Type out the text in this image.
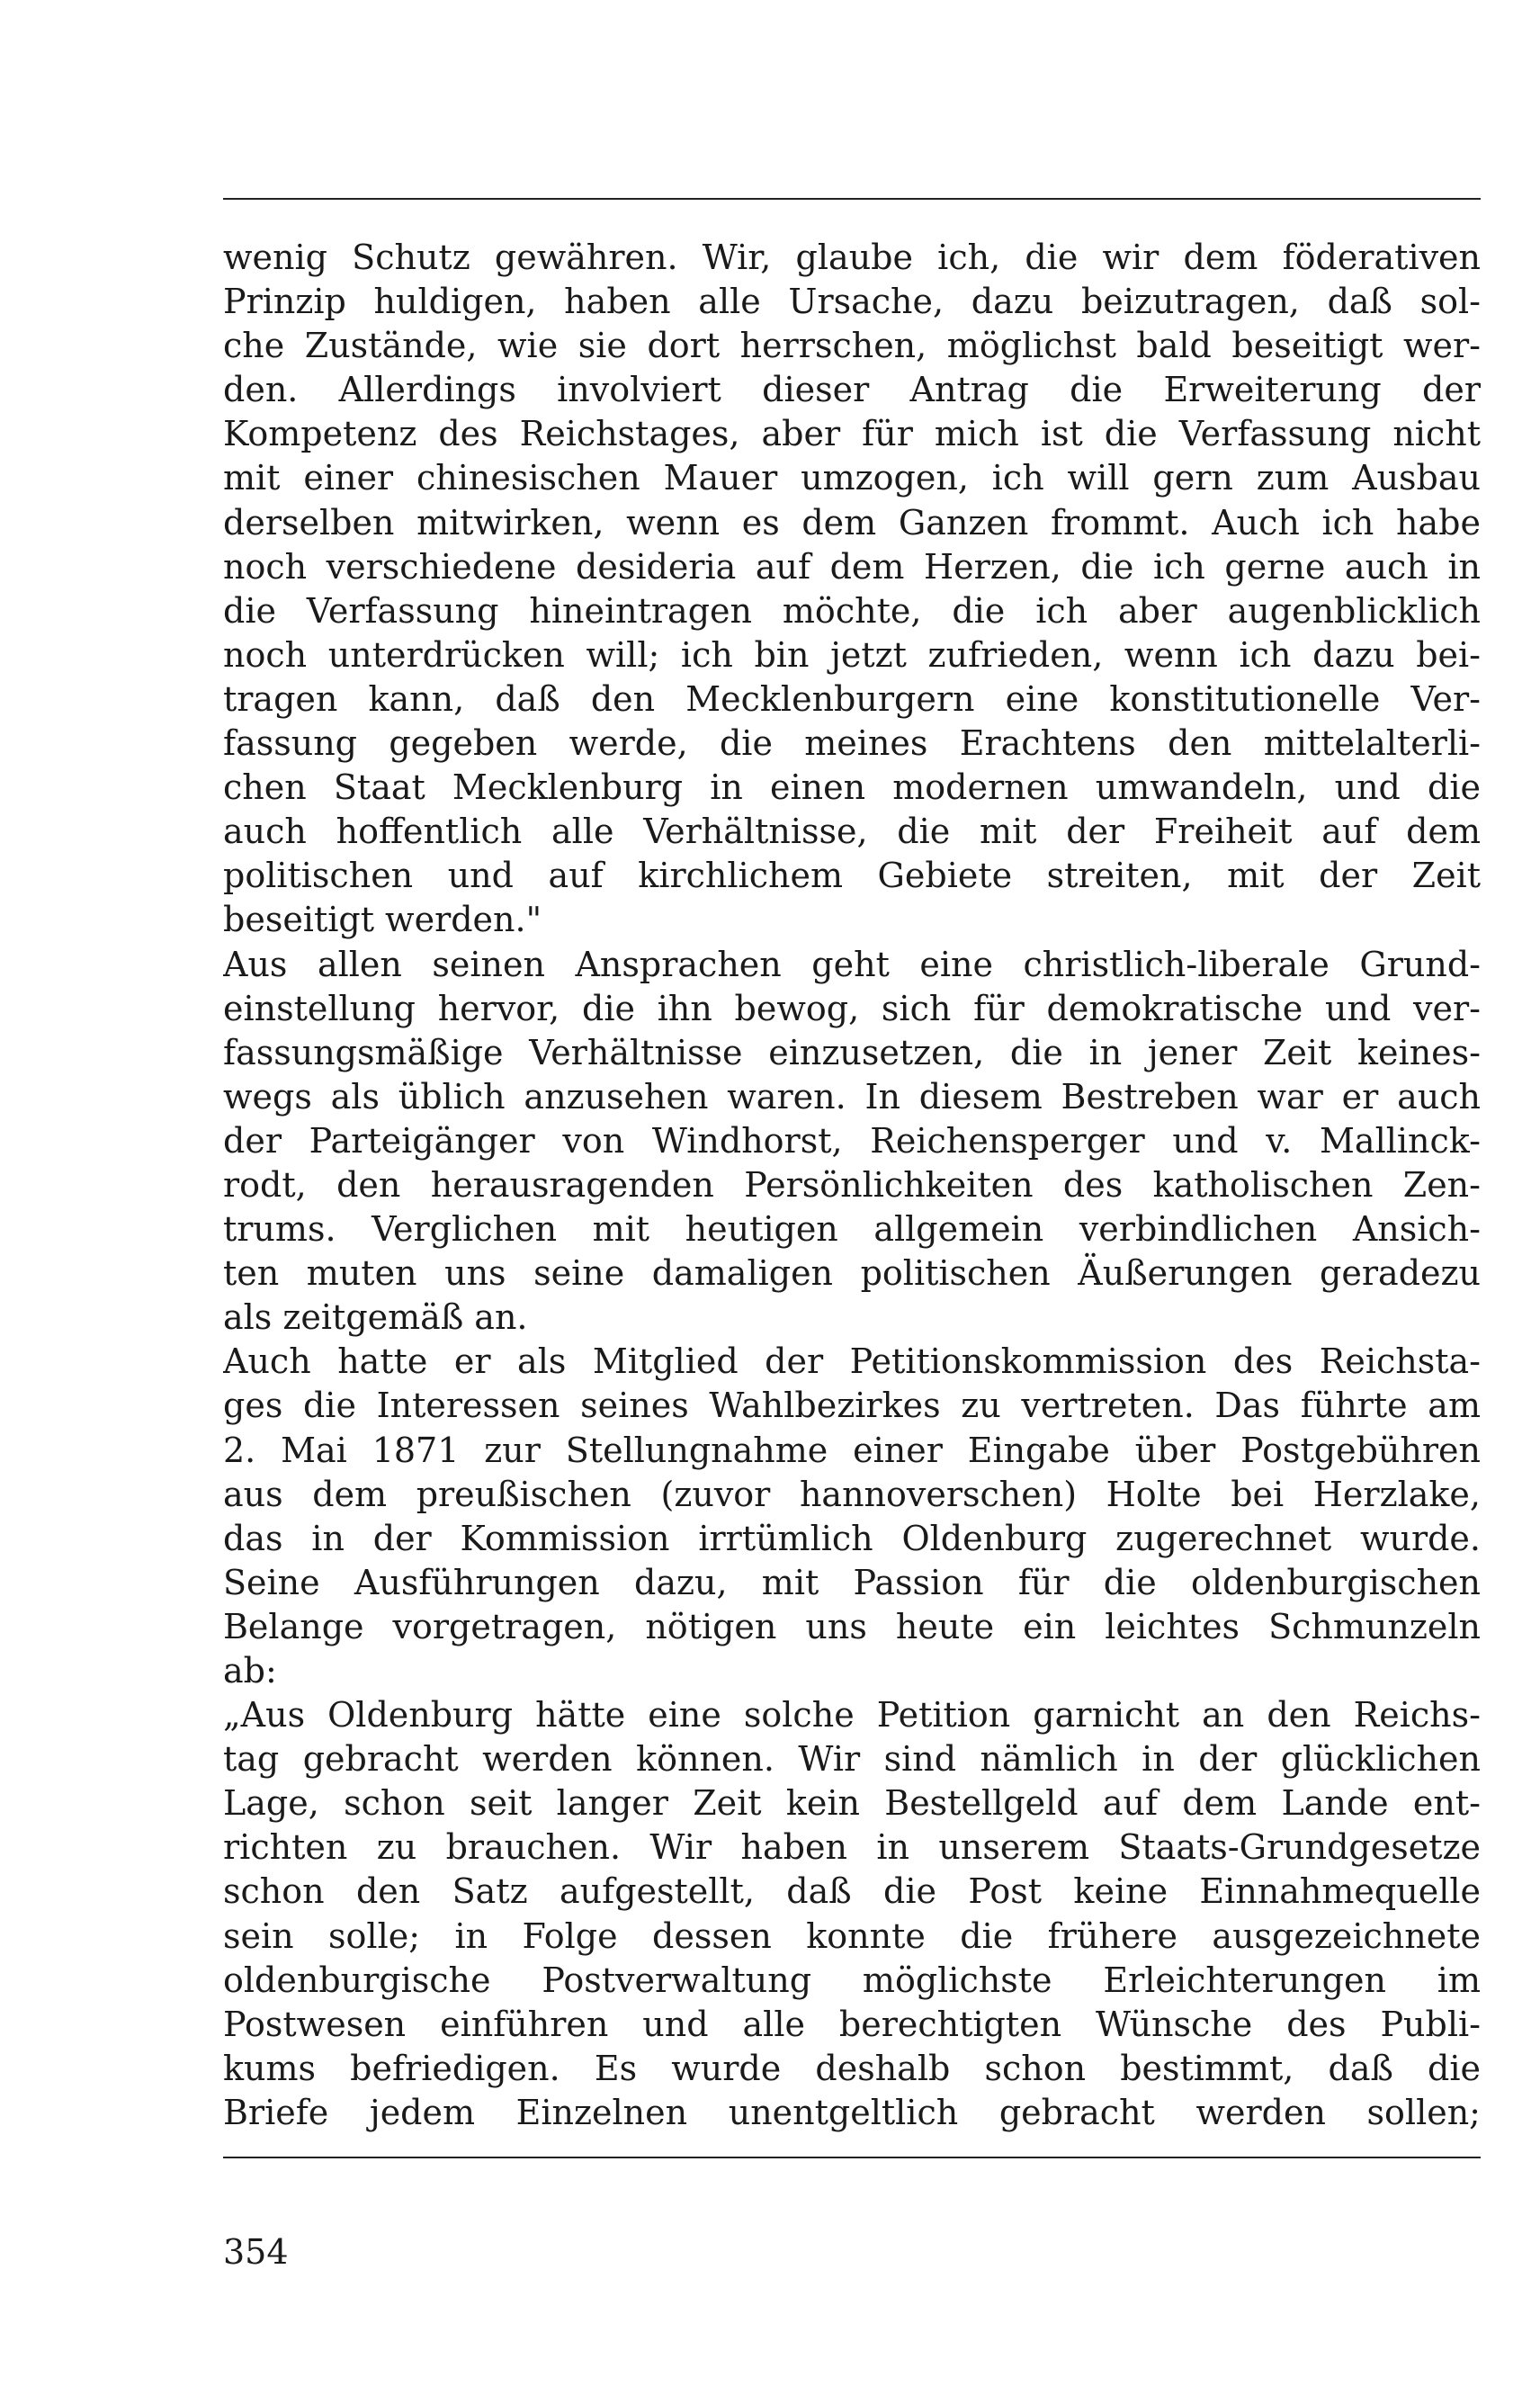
wenig Schutz gewähren. Wir, glaube ich, die wir dem föderativen
Prinzip huldigen, haben alle Ursache, dazu beizutragen, daß sol-
che Zustände, wie sie dort herrschen, möglichst bald beseitigt wer-
den. Allerdings involviert dieser Antrag die Erweiterung der
Kompetenz des Reichstages, aber für mich ist die Verfassung nicht
mit einer chinesischen Mauer umzogen, ich will gern zum Ausbau
derselben mitwirken, wenn es dem Ganzen frommt. Auch ich habe
noch verschiedene desideria auf dem Herzen, die ich gerne auch in
die Verfassung hineintragen möchte, die ich aber augenblicklich
noch unterdrücken will; ich bin jetzt zufrieden, wenn ich dazu bei-
tragen kann, daß den Mecklenburgern eine konstitutionelle Ver-
fassung gegeben werde, die meines Erachtens den mittelalterli-
chen Staat Mecklenburg in einen modernen umwandeln, und die
auch hoffentlich alle Verhältnisse, die mit der Freiheit auf dem
politischen und auf kirchlichem Gebiete streiten, mit der Zeit
beseitigt werden."
Aus allen seinen Ansprachen geht eine christlich-liberale Grund-
einstellung hervor, die ihn bewog, sich für demokratische und ver-
fassungsmäßige Verhältnisse einzusetzen, die in jener Zeit keines-
wegs als üblich anzusehen waren. In diesem Bestreben war er auch
der Parteigänger von Windhorst, Reichensperger und v. Mallinck-
rodt, den herausragenden Persönlichkeiten des katholischen Zen-
trums. Verglichen mit heutigen allgemein verbindlichen Ansich-
ten muten uns seine damaligen politischen Äußerungen geradezu
als zeitgemäß an.
Auch hatte er als Mitglied der Petitionskommission des Reichsta-
ges die Interessen seines Wahlbezirkes zu vertreten. Das führte am
2. Mai 1871 zur Stellungnahme einer Eingabe über Postgebühren
aus dem preußischen (zuvor hannoverschen) Holte bei Herzlake,
das in der Kommission irrtümlich Oldenburg zugerechnet wurde.
Seine Ausführungen dazu, mit Passion für die oldenburgischen
Belange vorgetragen, nötigen uns heute ein leichtes Schmunzeln
ab:
„Aus Oldenburg hätte eine solche Petition garnicht an den Reichs-
tag gebracht werden können. Wir sind nämlich in der glücklichen
Lage, schon seit langer Zeit kein Bestellgeld auf dem Lande ent-
richten zu brauchen. Wir haben in unserem Staats-Grundgesetze
schon den Satz aufgestellt, daß die Post keine Einnahmequelle
sein solle; in Folge dessen konnte die frühere ausgezeichnete
oldenburgische Postverwaltung möglichste Erleichterungen im
Postwesen einführen und alle berechtigten Wünsche des Publi-
kums befriedigen. Es wurde deshalb schon bestimmt, daß die
Briefe jedem Einzelnen unentgeltlich gebracht werden sollen;
354
